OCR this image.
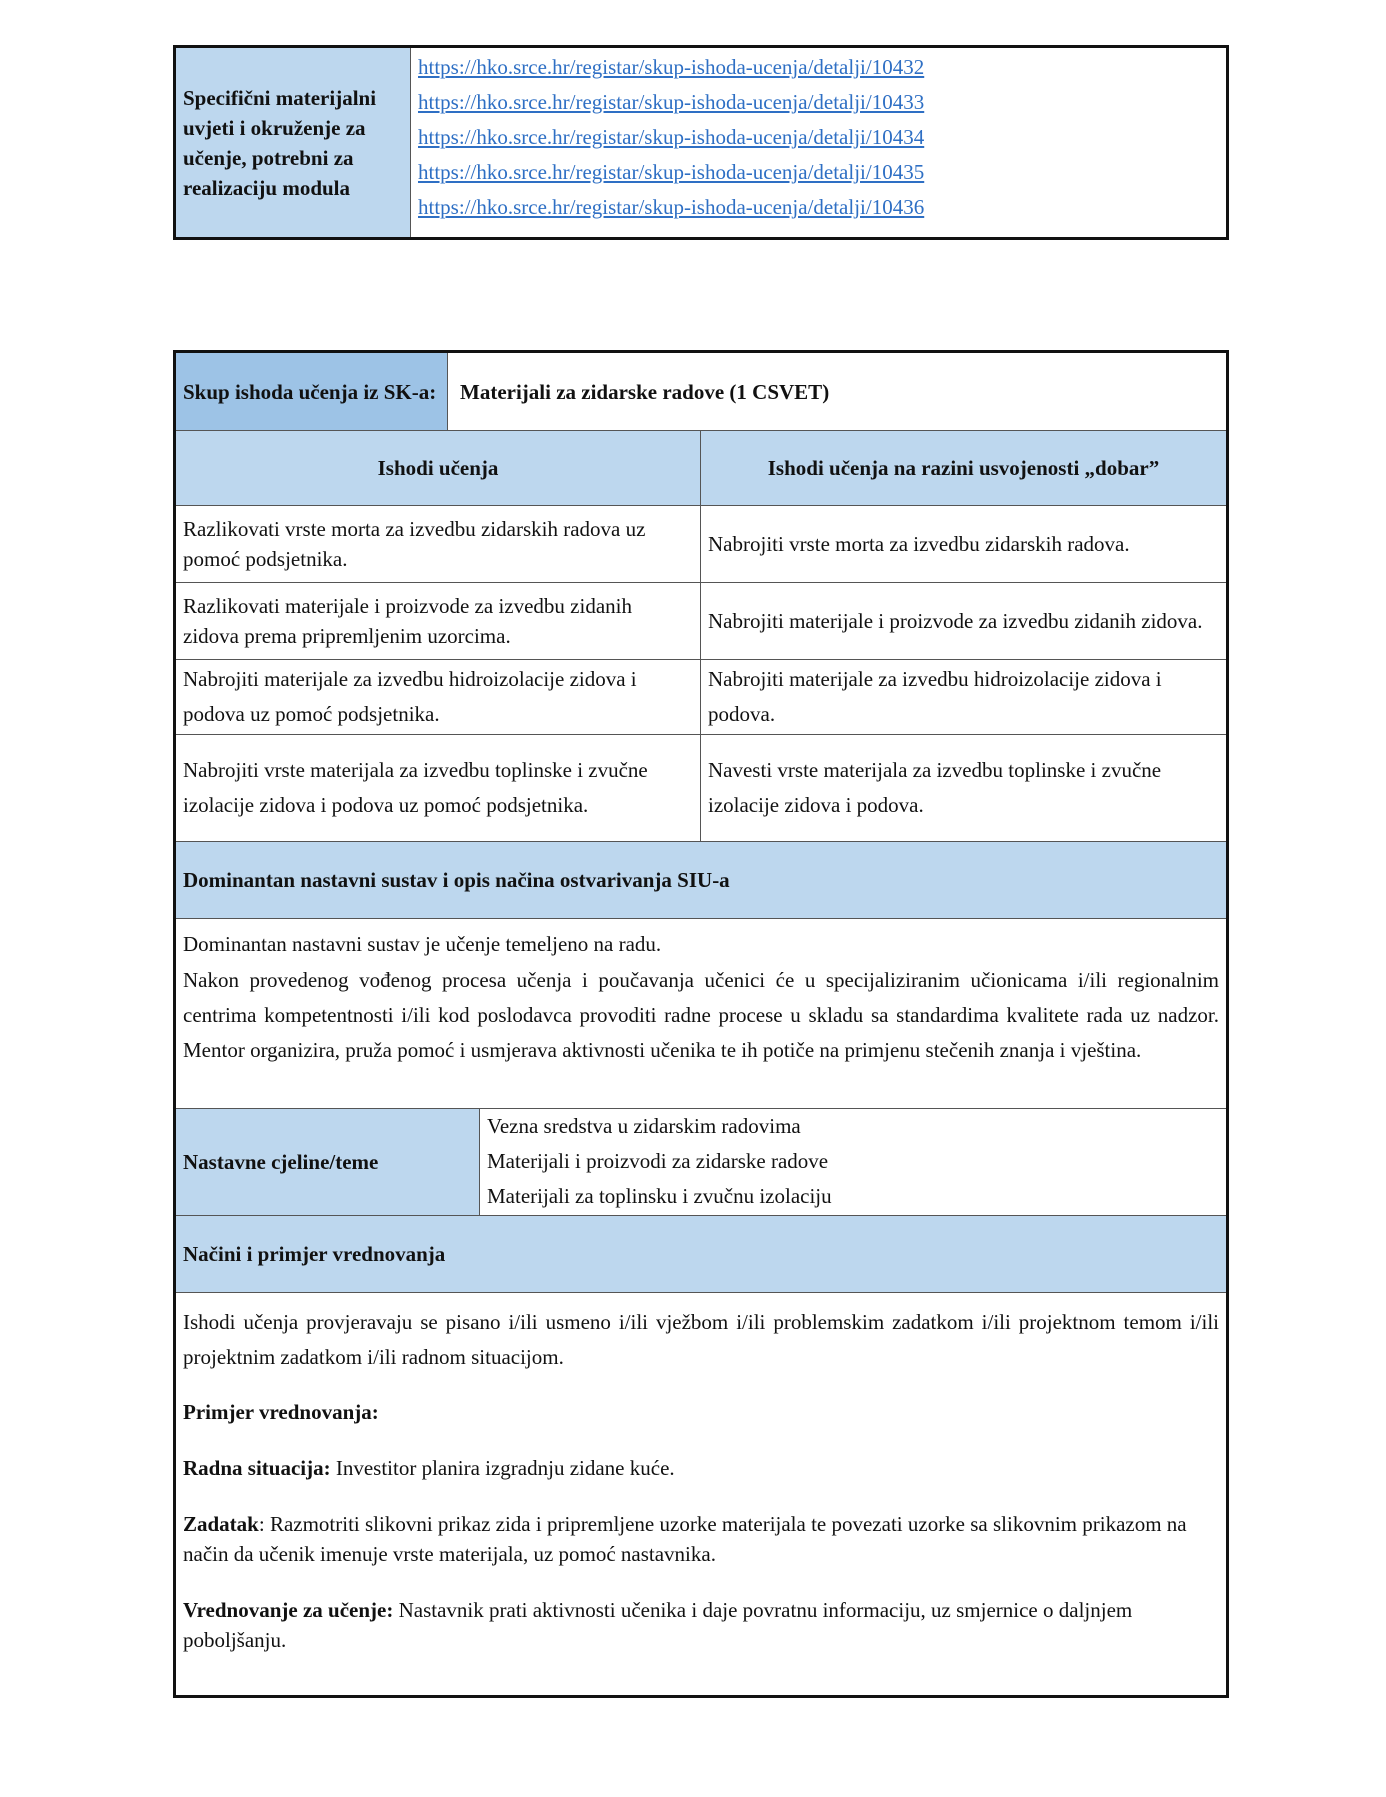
Specifični materijalni uvjeti i okruženje za učenje, potrebni za realizaciju modula
https://hko.srce.hr/registar/skup-ishoda-ucenja/detalji/10432
https://hko.srce.hr/registar/skup-ishoda-ucenja/detalji/10433
https://hko.srce.hr/registar/skup-ishoda-ucenja/detalji/10434
https://hko.srce.hr/registar/skup-ishoda-ucenja/detalji/10435
https://hko.srce.hr/registar/skup-ishoda-ucenja/detalji/10436
Skup ishoda učenja iz SK-a:	Materijali za zidarske radove (1 CSVET)
Ishodi učenja	Ishodi učenja na razini usvojenosti „dobar”
Razlikovati vrste morta za izvedbu zidarskih radova uz pomoć podsjetnika.
Nabrojiti vrste morta za izvedbu zidarskih radova.
Razlikovati materijale i proizvode za izvedbu zidanih zidova prema pripremljenim uzorcima.
Nabrojiti materijale i proizvode za izvedbu zidanih zidova.
Nabrojiti materijale za izvedbu hidroizolacije zidova i podova uz pomoć podsjetnika.
Nabrojiti materijale za izvedbu hidroizolacije zidova i podova.
Nabrojiti vrste materijala za izvedbu toplinske i zvučne izolacije zidova i podova uz pomoć podsjetnika.
Navesti vrste materijala za izvedbu toplinske i zvučne izolacije zidova i podova.
Dominantan nastavni sustav i opis načina ostvarivanja SIU-a

Dominantan nastavni sustav je učenje temeljeno na radu.

Nakon provedenog vođenog procesa učenja i poučavanja učenici će u specijaliziranim učionicama i/ili regionalnim centrima kompetentnosti i/ili kod poslodavca provoditi radne procese u skladu sa standardima kvalitete rada uz nadzor. Mentor organizira, pruža pomoć i usmjerava aktivnosti učenika te ih potiče na primjenu stečenih znanja i vještina.

Nastavne cjeline/teme
Vezna sredstva u zidarskim radovima
Materijali i proizvodi za zidarske radove
Materijali za toplinsku i zvučnu izolaciju
Načini i primjer vrednovanja

Ishodi učenja provjeravaju se pisano i/ili usmeno i/ili vježbom i/ili problemskim zadatkom i/ili projektnom temom i/ili projektnim zadatkom i/ili radnom situacijom.

Primjer vrednovanja:

Radna situacija: Investitor planira izgradnju zidane kuće.

Zadatak: Razmotriti slikovni prikaz zida i pripremljene uzorke materijala te povezati uzorke sa slikovnim prikazom na način da učenik imenuje vrste materijala, uz pomoć nastavnika.

Vrednovanje za učenje: Nastavnik prati aktivnosti učenika i daje povratnu informaciju, uz smjernice o daljnjem poboljšanju.
